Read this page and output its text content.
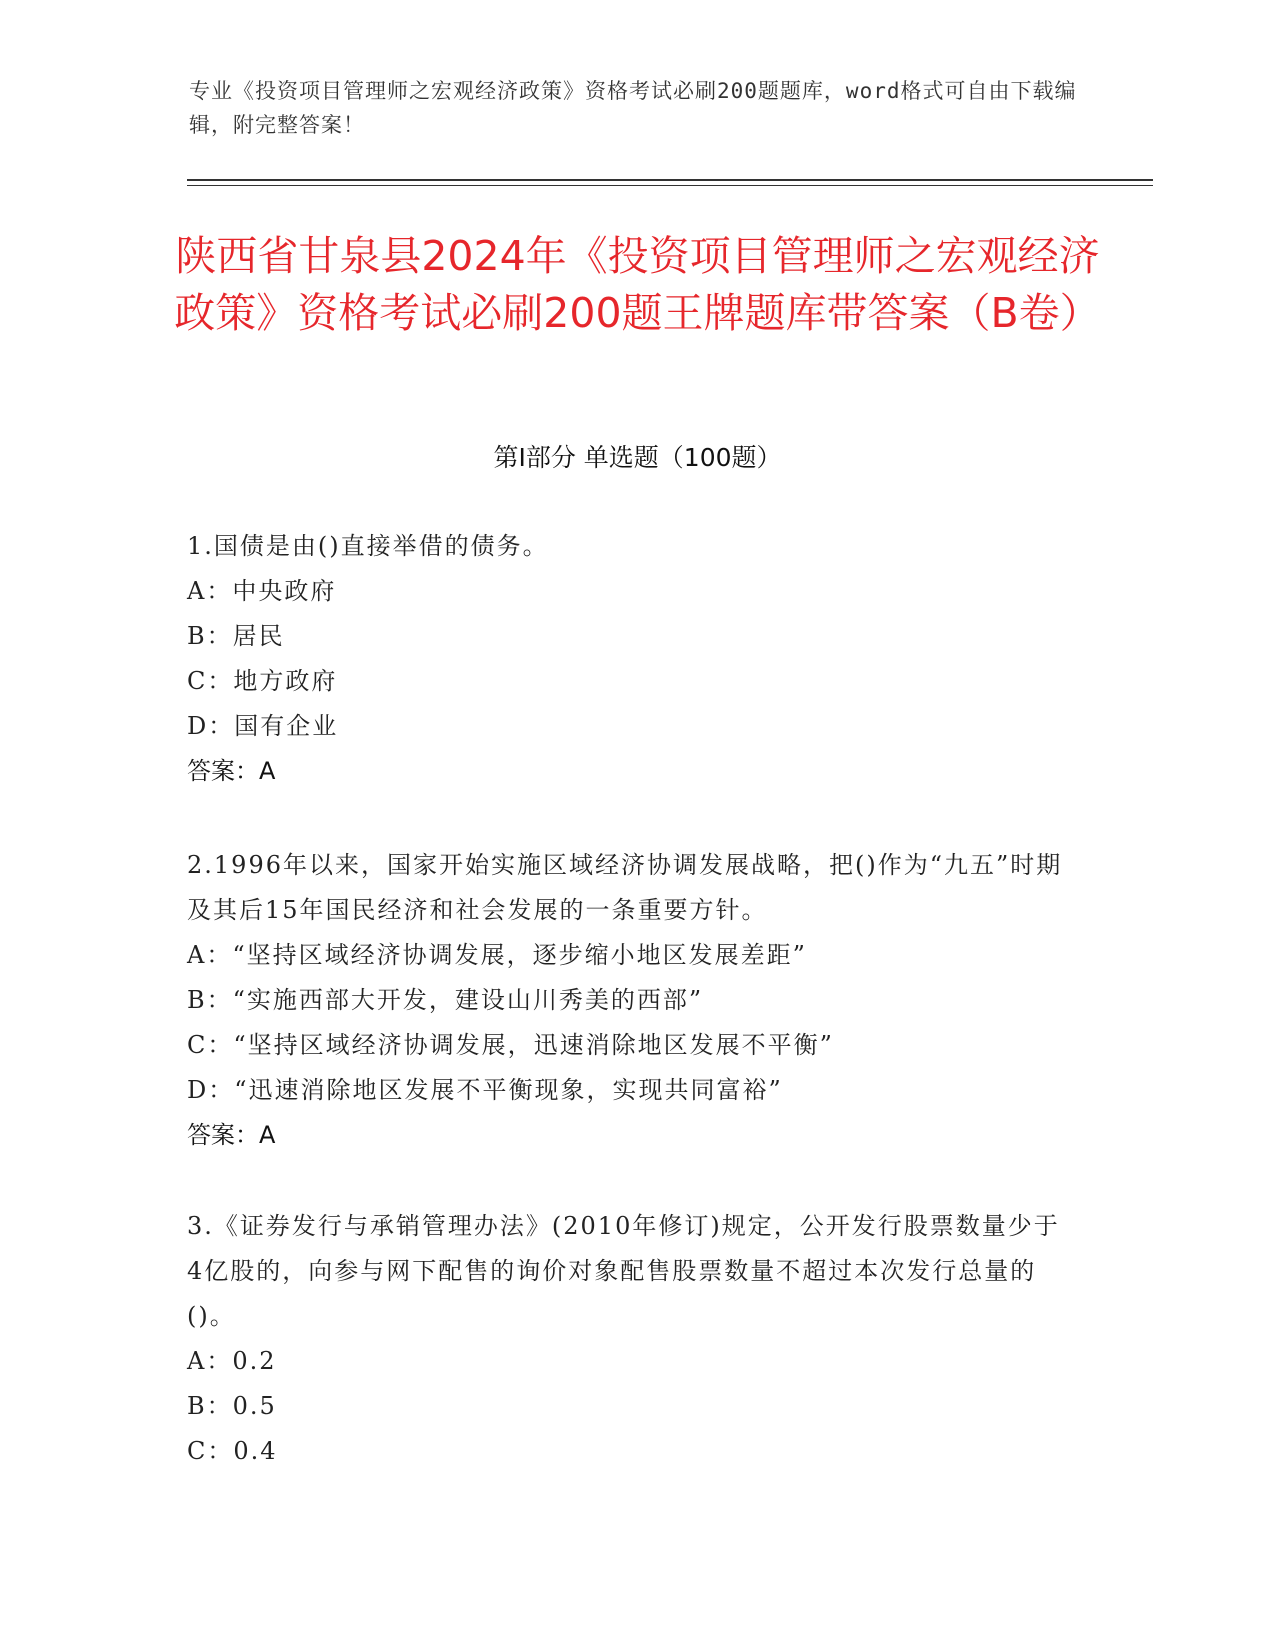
专业《投资项目管理师之宏观经济政策》资格考试必刷200题题库，word格式可自由下载编辑，附完整答案！
陕西省甘泉县2024年《投资项目管理师之宏观经济政策》资格考试必刷200题王牌题库带答案（B卷）
第Ⅰ部分 单选题（100题）

1.国债是由()直接举借的债务。

A：中央政府

B：居民

C：地方政府

D：国有企业

答案：A

2.1996年以来，国家开始实施区域经济协调发展战略，把()作为“九五”时期及其后15年国民经济和社会发展的一条重要方针。

A：“坚持区域经济协调发展，逐步缩小地区发展差距”

B：“实施西部大开发，建设山川秀美的西部”

C：“坚持区域经济协调发展，迅速消除地区发展不平衡”

D：“迅速消除地区发展不平衡现象，实现共同富裕”

答案：A

3.《证券发行与承销管理办法》(2010年修订)规定，公开发行股票数量少于4亿股的，向参与网下配售的询价对象配售股票数量不超过本次发行总量的()。

A：0.2

B：0.5

C：0.4
